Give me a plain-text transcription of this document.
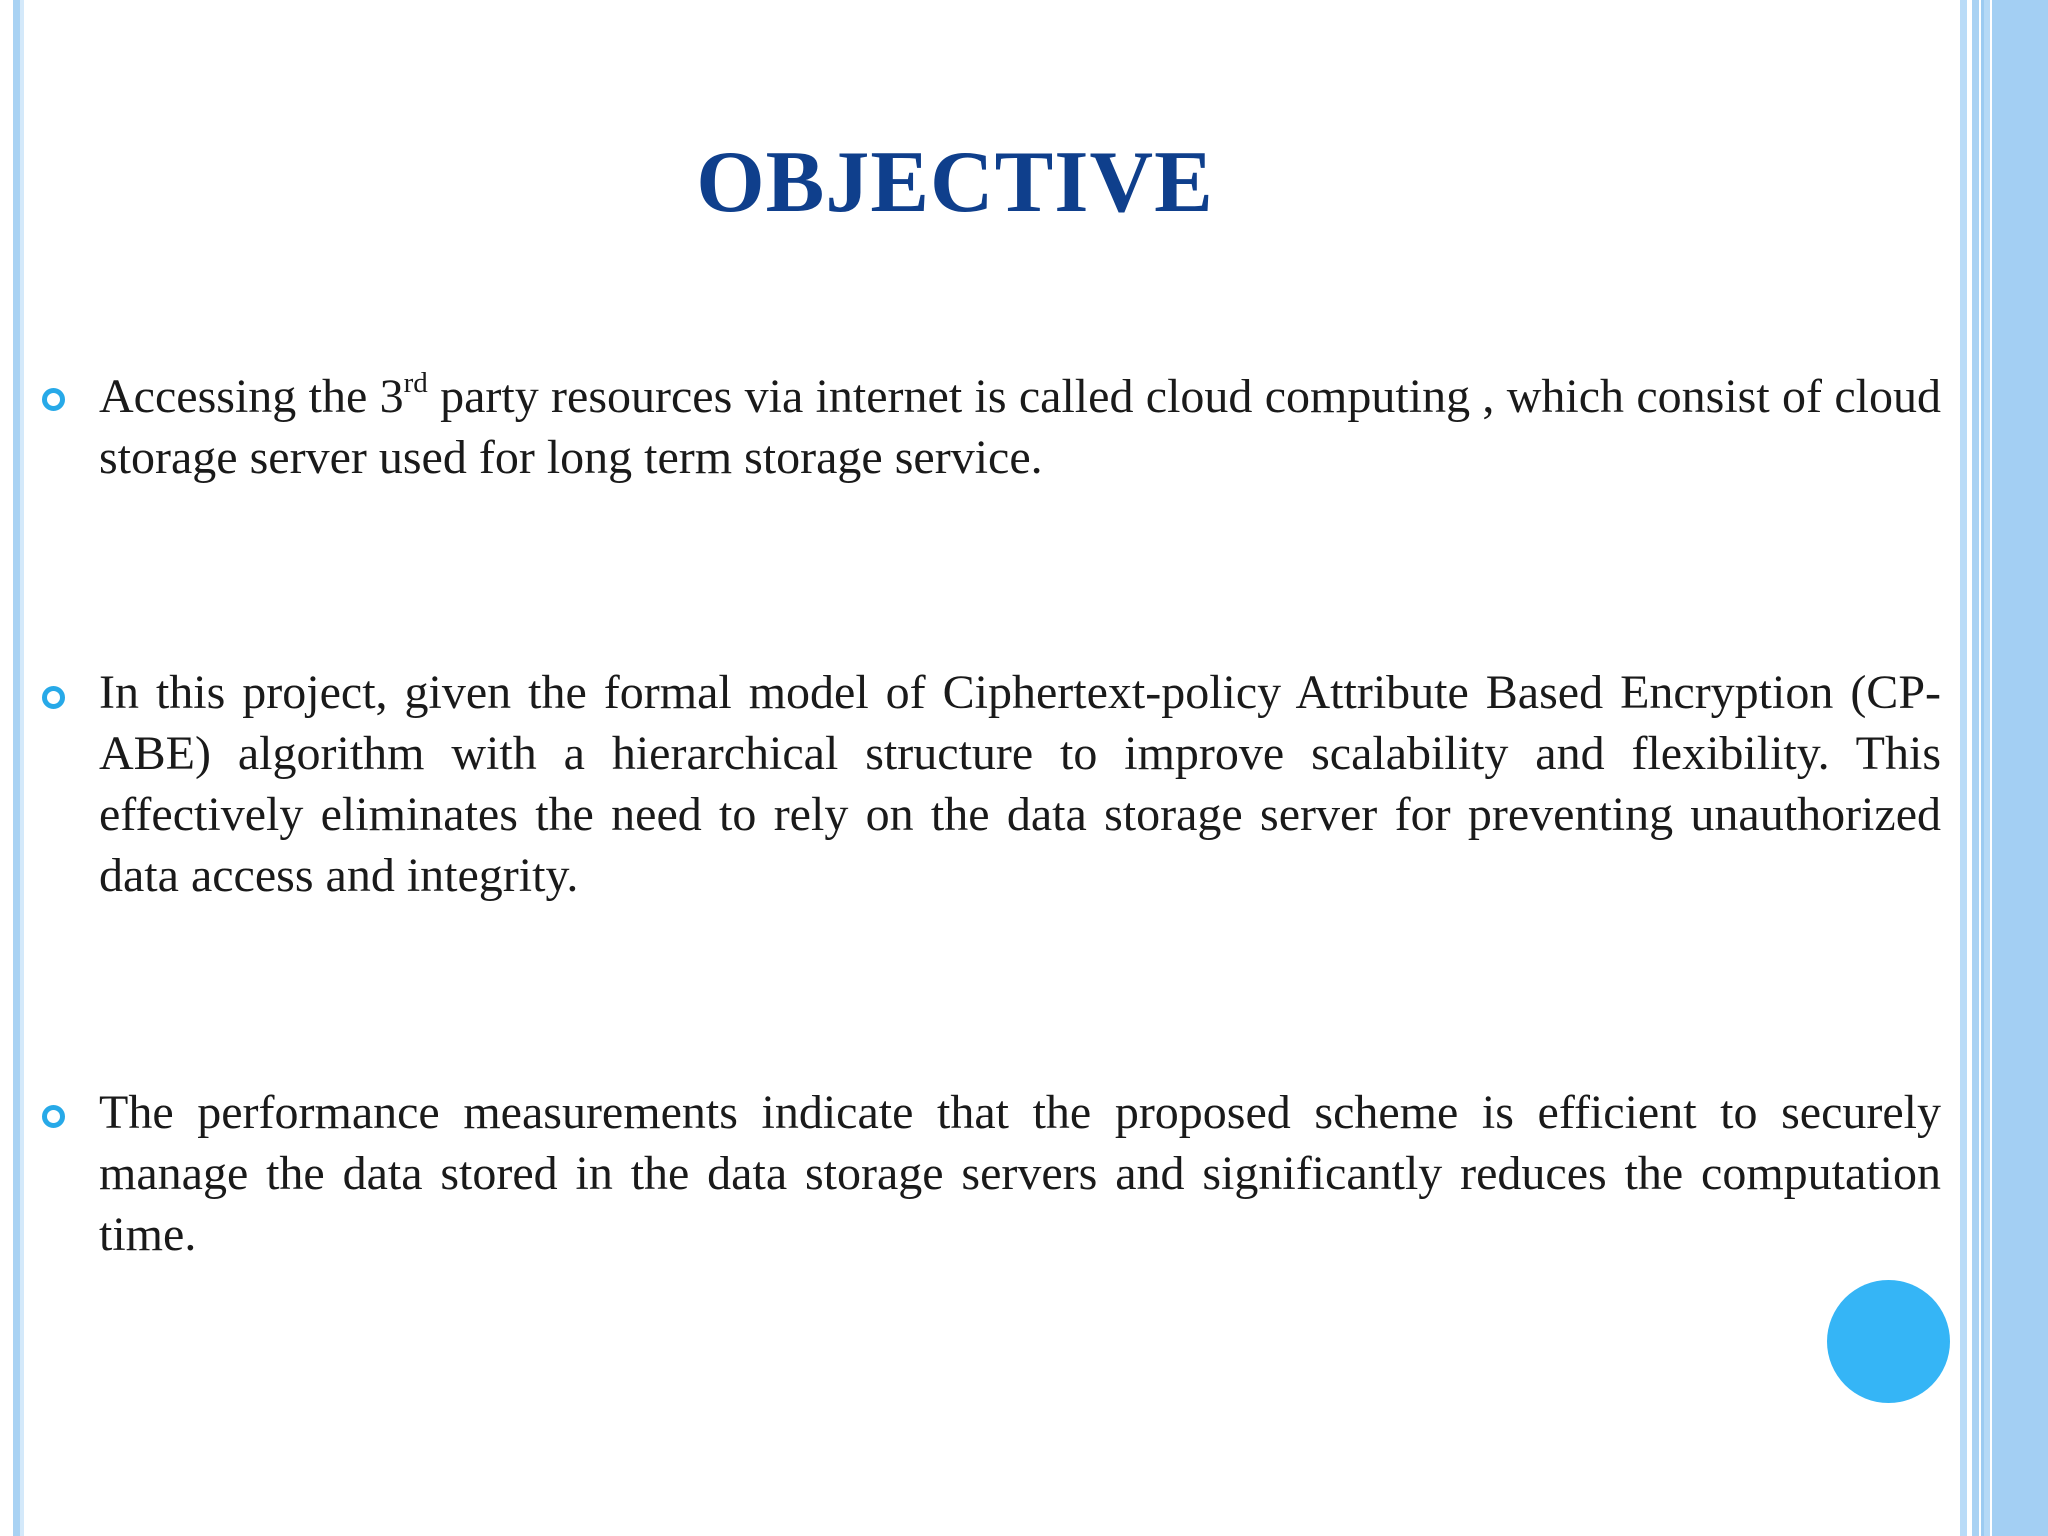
OBJECTIVE

Accessing the 3rd party resources via internet is called cloud computing , which consist of cloud storage server used for long term storage service.

In this project, given the formal model of Ciphertext-policy Attribute Based Encryption (CP-ABE) algorithm with a hierarchical structure to improve scalability and flexibility. This effectively eliminates the need to rely on the data storage server for preventing unauthorized data access and integrity.

The performance measurements indicate that the proposed scheme is efficient to securely manage the data stored in the data storage servers and significantly reduces the computation time.
